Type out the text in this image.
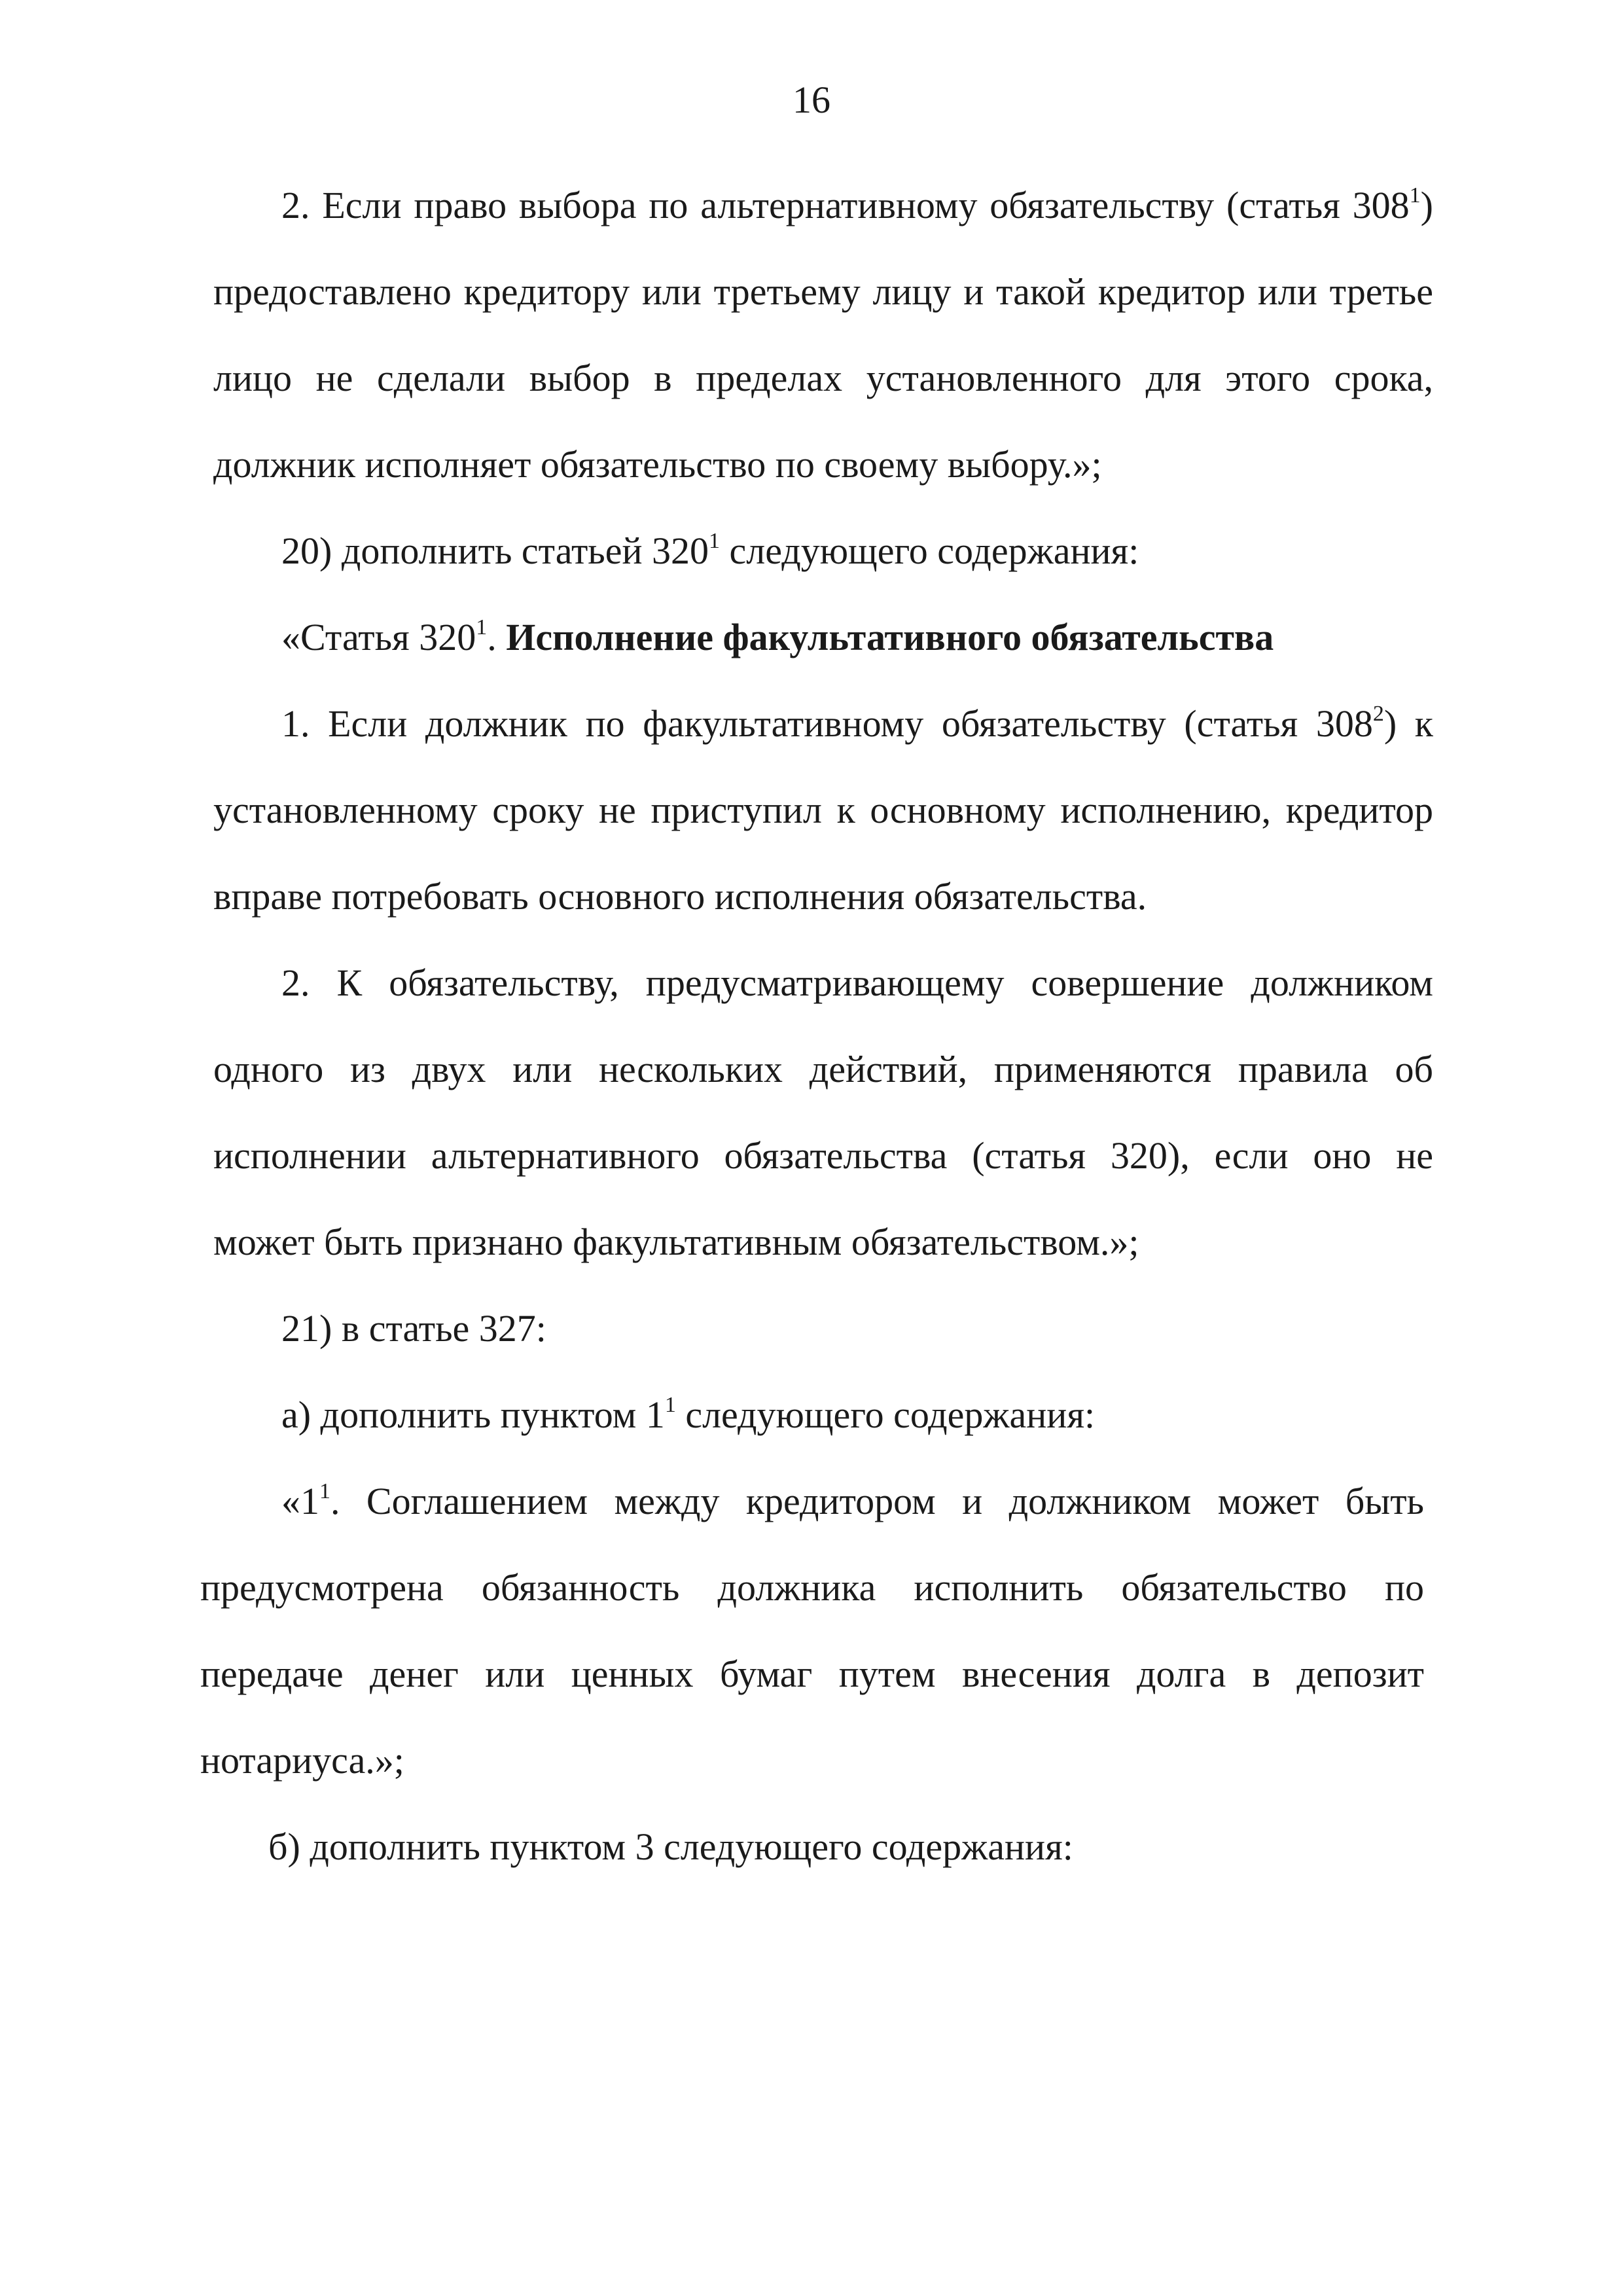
16
2. Если право выбора по альтернативному обязательству (статья $308^1$)
предоставлено кредитору или третьему лицу и такой кредитор или третье
лицо не сделали выбор в пределах установленного для этого срока,
должник исполняет обязательство по своему выбору.»;
20) дополнить статьей $320^1$ следующего содержания:
«Статья $320^1$. Исполнение факультативного обязательства
1. Если должник по факультативному обязательству (статья $308^2$) к
установленному сроку не приступил к основному исполнению, кредитор
вправе потребовать основного исполнения обязательства.
2. К обязательству, предусматривающему совершение должником
одного из двух или нескольких действий, применяются правила об
исполнении альтернативного обязательства (статья 320), если оно не
может быть признано факультативным обязательством.»;
21) в статье 327:
а) дополнить пунктом $1^1$ следующего содержания:
«$1^1$. Соглашением между кредитором и должником может быть
предусмотрена обязанность должника исполнить обязательство по
передаче денег или ценных бумаг путем внесения долга в депозит
нотариуса.»;
б) дополнить пунктом 3 следующего содержания:
